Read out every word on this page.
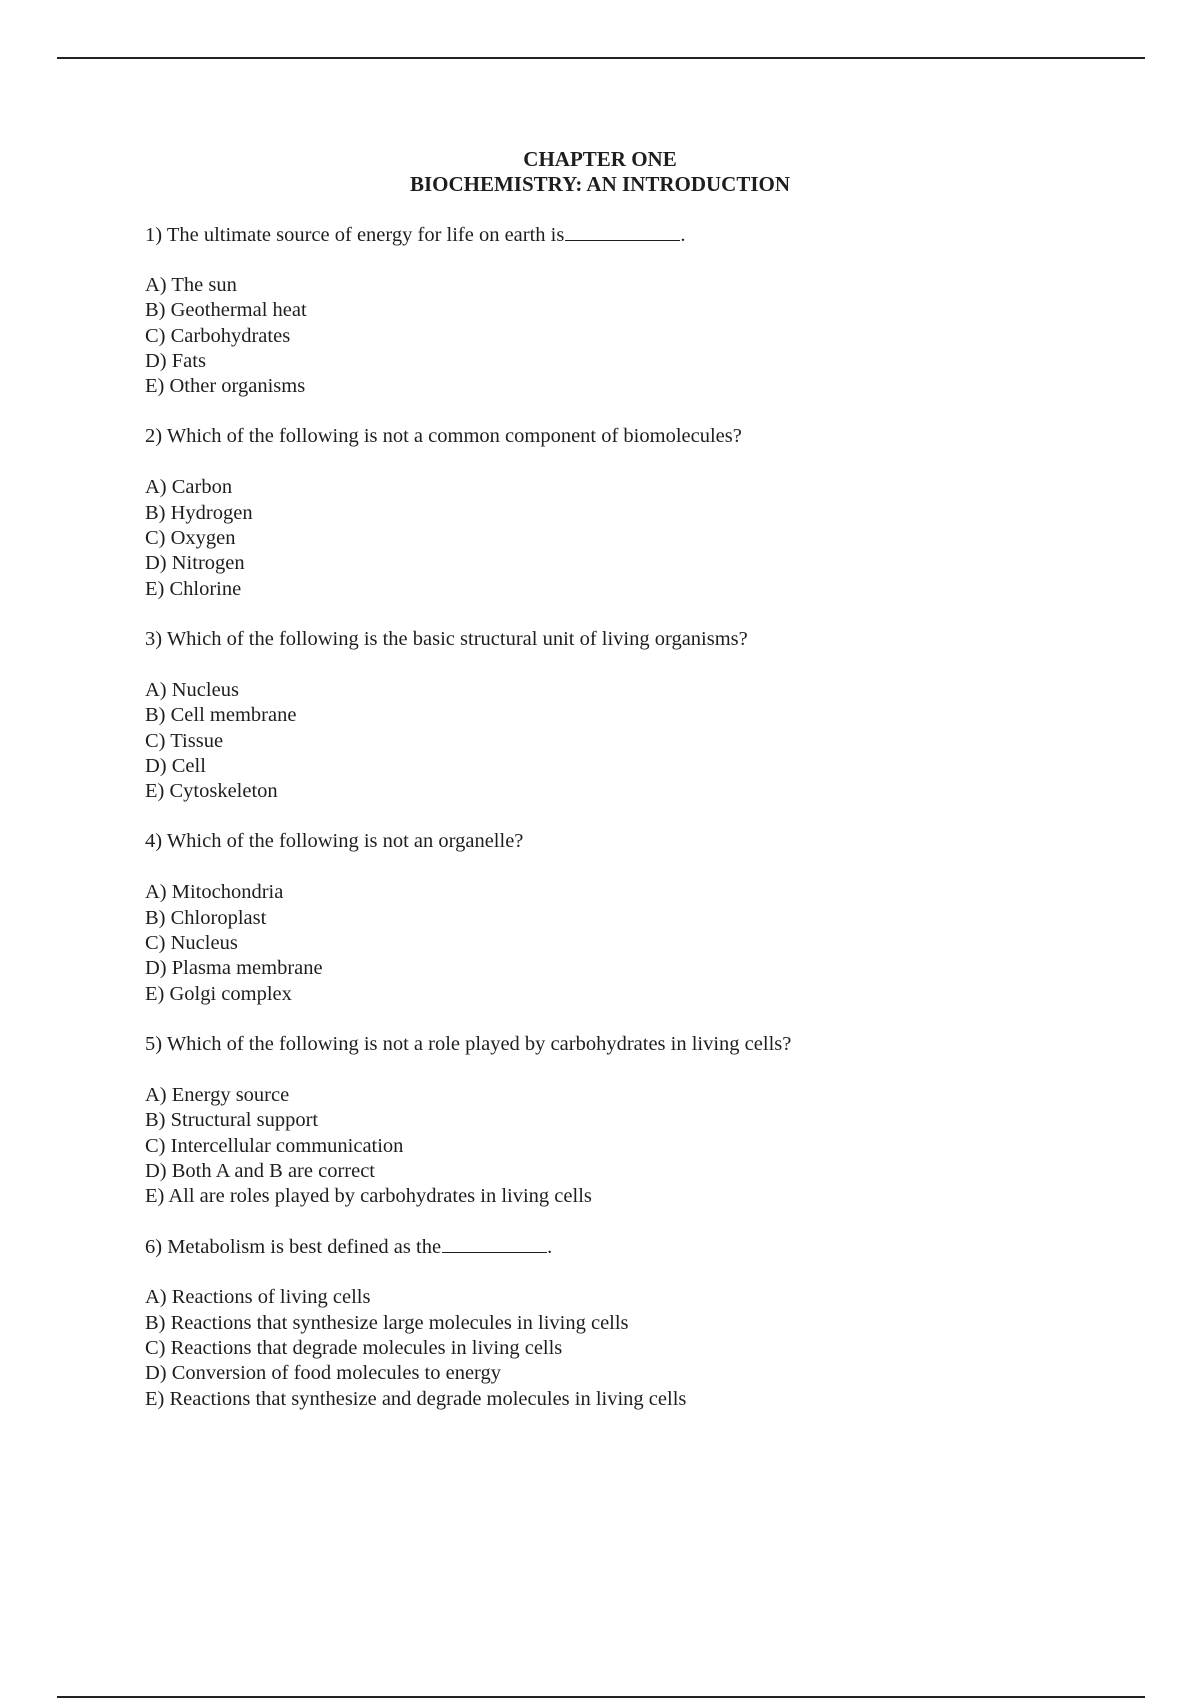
CHAPTER ONE
BIOCHEMISTRY: AN INTRODUCTION
1) The ultimate source of energy for life on earth is	.
A) The sun
B) Geothermal heat
C) Carbohydrates
D) Fats
E) Other organisms
2) Which of the following is not a common component of biomolecules?
A) Carbon
B) Hydrogen
C) Oxygen
D) Nitrogen
E) Chlorine
3) Which of the following is the basic structural unit of living organisms?
A) Nucleus
B) Cell membrane
C) Tissue
D) Cell
E) Cytoskeleton
4) Which of the following is not an organelle?
A) Mitochondria
B) Chloroplast
C) Nucleus
D) Plasma membrane
E) Golgi complex
5) Which of the following is not a role played by carbohydrates in living cells?
A) Energy source
B) Structural support
C) Intercellular communication
D) Both A and B are correct
E) All are roles played by carbohydrates in living cells
6) Metabolism is best defined as the	.
A) Reactions of living cells
B) Reactions that synthesize large molecules in living cells
C) Reactions that degrade molecules in living cells
D) Conversion of food molecules to energy
E) Reactions that synthesize and degrade molecules in living cells
